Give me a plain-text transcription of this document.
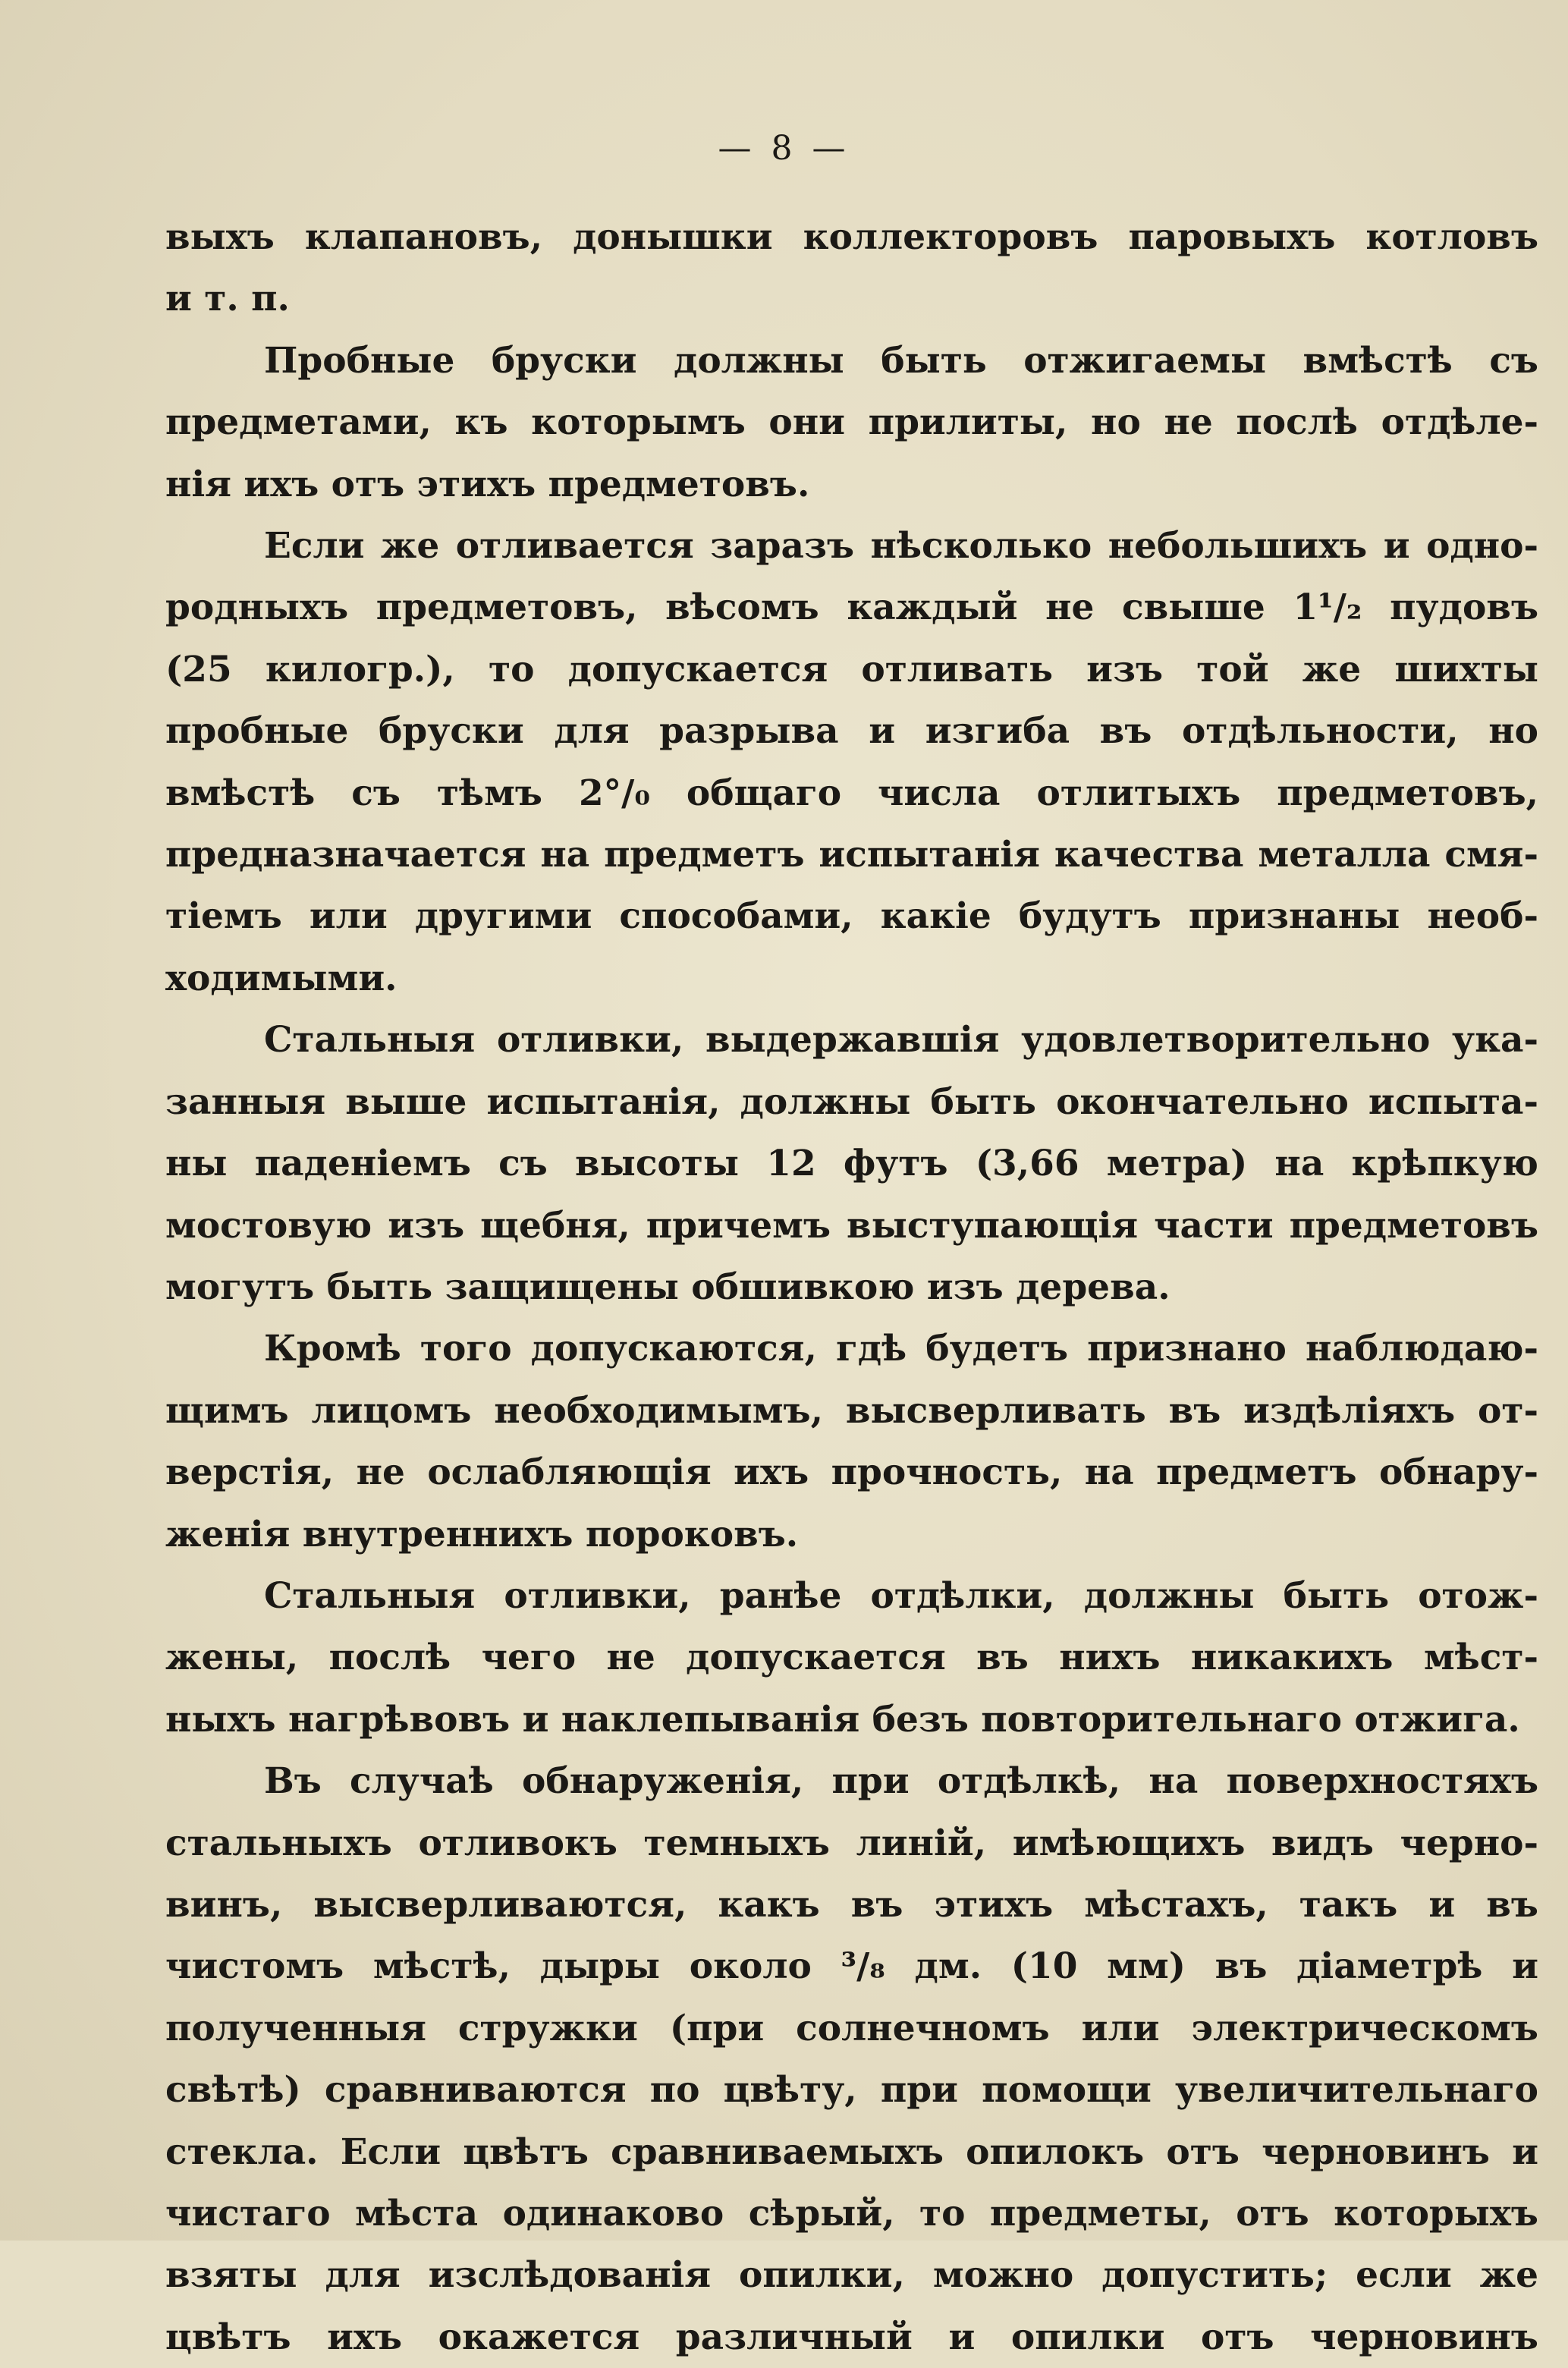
— 8 —
выхъ клапановъ, донышки коллекторовъ паровыхъ котловъ
и т. п.
Пробные бруски должны быть отжигаемы вмѣстѣ съ
предметами, къ которымъ они прилиты, но не послѣ отдѣле-
нія ихъ отъ этихъ предметовъ.
Если же отливается заразъ нѣсколько небольшихъ и одно-
родныхъ предметовъ, вѣсомъ каждый не свыше 1¹/₂ пудовъ
(25 килогр.), то допускается отливать изъ той же шихты
пробные бруски для разрыва и изгиба въ отдѣльности, но
вмѣстѣ съ тѣмъ 2°/₀ общаго числа отлитыхъ предметовъ,
предназначается на предметъ испытанія качества металла смя-
тіемъ или другими способами, какіе будутъ признаны необ-
ходимыми.
Стальныя отливки, выдержавшія удовлетворительно ука-
занныя выше испытанія, должны быть окончательно испыта-
ны паденіемъ съ высоты 12 футъ (3,66 метра) на крѣпкую
мостовую изъ щебня, причемъ выступающія части предметовъ
могутъ быть защищены обшивкою изъ дерева.
Кромѣ того допускаются, гдѣ будетъ признано наблюдаю-
щимъ лицомъ необходимымъ, высверливать въ издѣліяхъ от-
верстія, не ослабляющія ихъ прочность, на предметъ обнару-
женія внутреннихъ пороковъ.
Стальныя отливки, ранѣе отдѣлки, должны быть отож-
жены, послѣ чего не допускается въ нихъ никакихъ мѣст-
ныхъ нагрѣвовъ и наклепыванія безъ повторительнаго отжига.
Въ случаѣ обнаруженія, при отдѣлкѣ, на поверхностяхъ
стальныхъ отливокъ темныхъ линій, имѣющихъ видъ черно-
винъ, высверливаются, какъ въ этихъ мѣстахъ, такъ и въ
чистомъ мѣстѣ, дыры около ³/₈ дм. (10 мм) въ діаметрѣ и
полученныя стружки (при солнечномъ или электрическомъ
свѣтѣ) сравниваются по цвѣту, при помощи увеличительнаго
стекла. Если цвѣтъ сравниваемыхъ опилокъ отъ черновинъ и
чистаго мѣста одинаково сѣрый, то предметы, отъ которыхъ
взяты для изслѣдованія опилки, можно допустить; если же
цвѣтъ ихъ окажется различный и опилки отъ черновинъ
